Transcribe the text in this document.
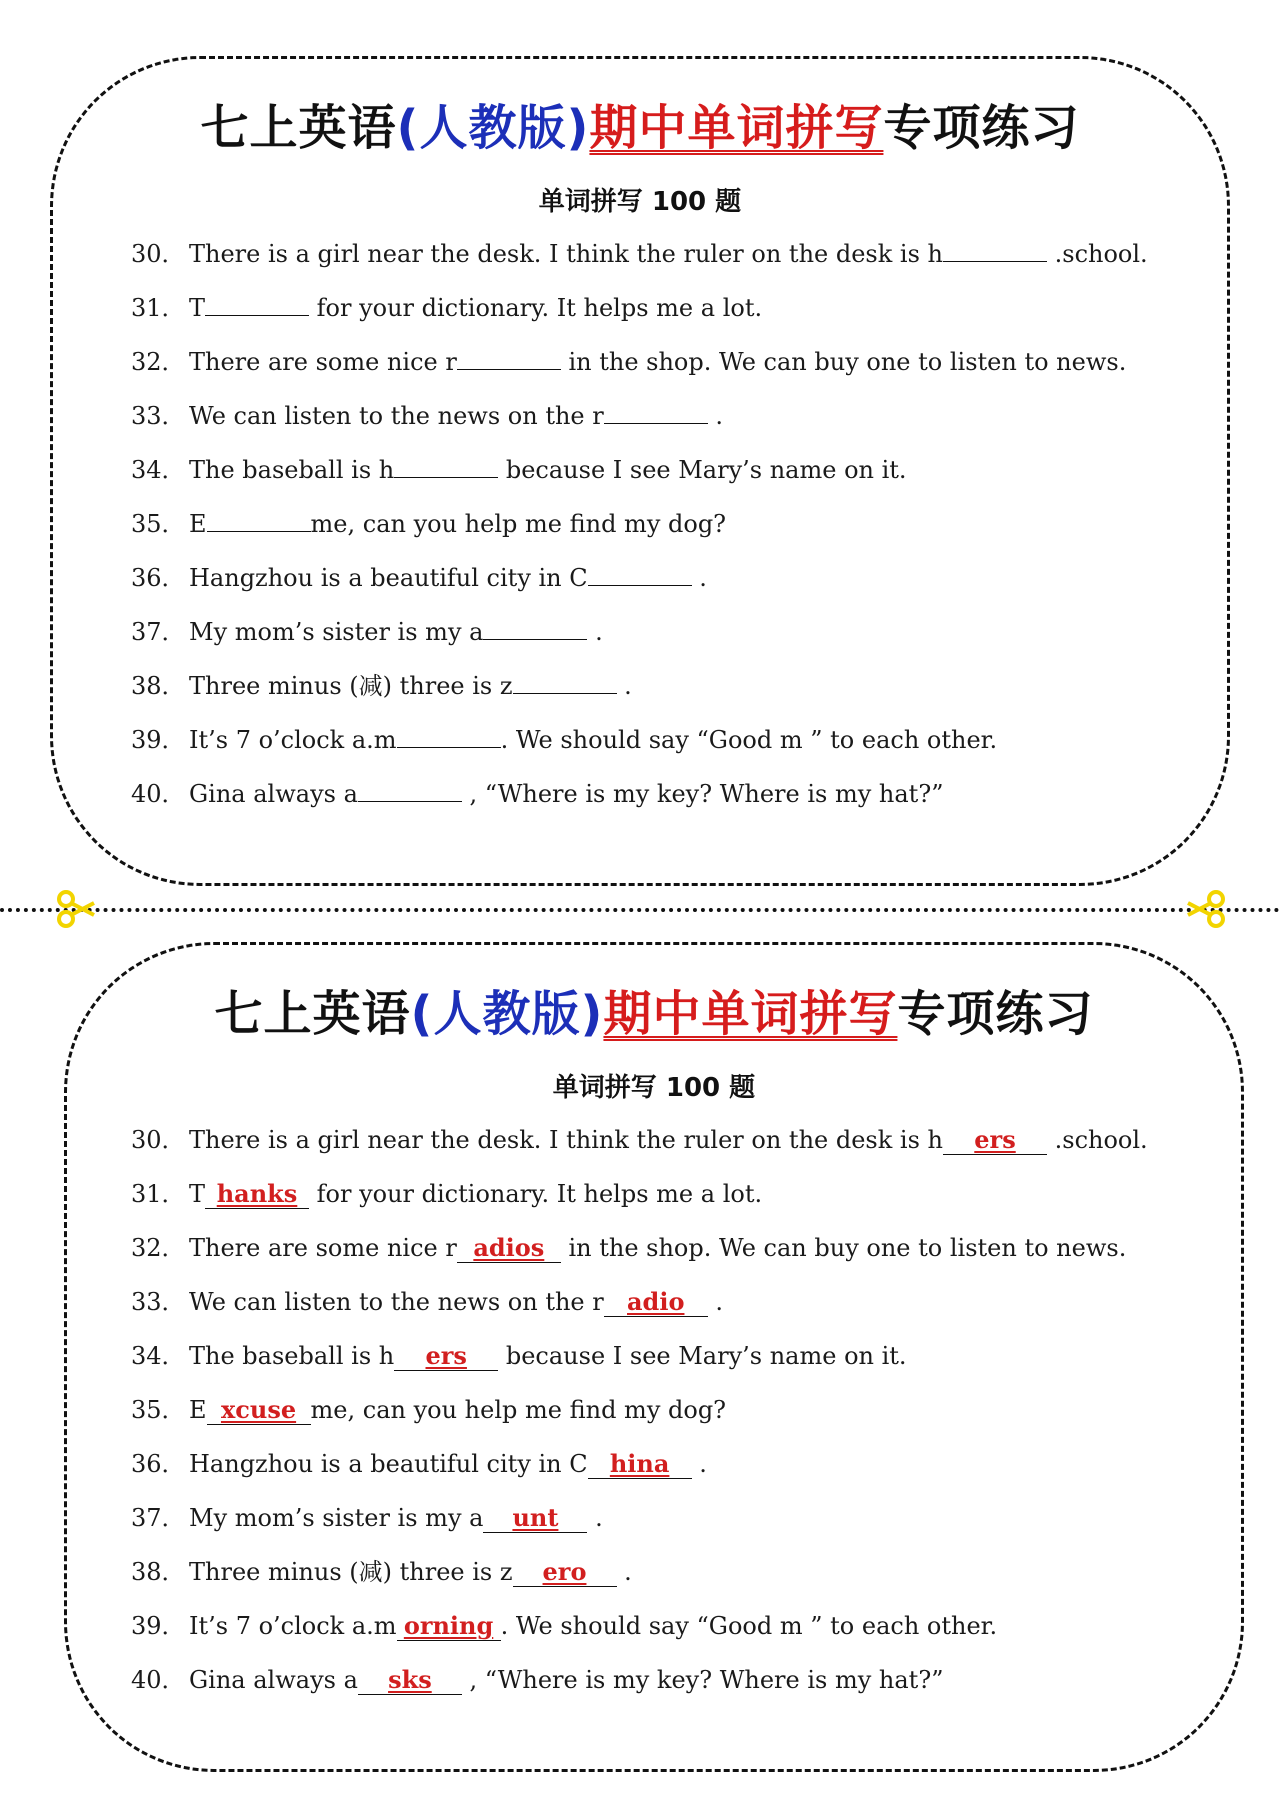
七上英语(人教版)期中单词拼写专项练习
单词拼写 100 题
30． There is a girl near the desk. I think the ruler on the desk is h	.school.
31． T	for your dictionary. It helps me a lot.
32． There are some nice r	in the shop. We can buy one to listen to news.
33． We can listen to the news on the r	.
34． The baseball is h	because I see Mary’s name on it.
35． E	me, can you help me find my dog?
36． Hangzhou is a beautiful city in C	.
37． My mom’s sister is my a	.
38． Three minus (减) three is z	.
39． It’s 7 o’clock a.m	. We should say “Good m ” to each other.
40． Gina always a	, “Where is my key? Where is my hat?”
七上英语(人教版)期中单词拼写专项练习
单词拼写 100 题
30． There is a girl near the desk. I think the ruler on the desk is h ers .school.
31． T hanks for your dictionary. It helps me a lot.
32． There are some nice r adios in the shop. We can buy one to listen to news.
33． We can listen to the news on the r adio .
34． The baseball is h ers because I see Mary’s name on it.
35． E xcuse me, can you help me find my dog?
36． Hangzhou is a beautiful city in C hina .
37． My mom’s sister is my a unt .
38． Three minus (减) three is z ero .
39． It’s 7 o’clock a.m orning . We should say “Good m ” to each other.
40． Gina always a sks , “Where is my key? Where is my hat?”
